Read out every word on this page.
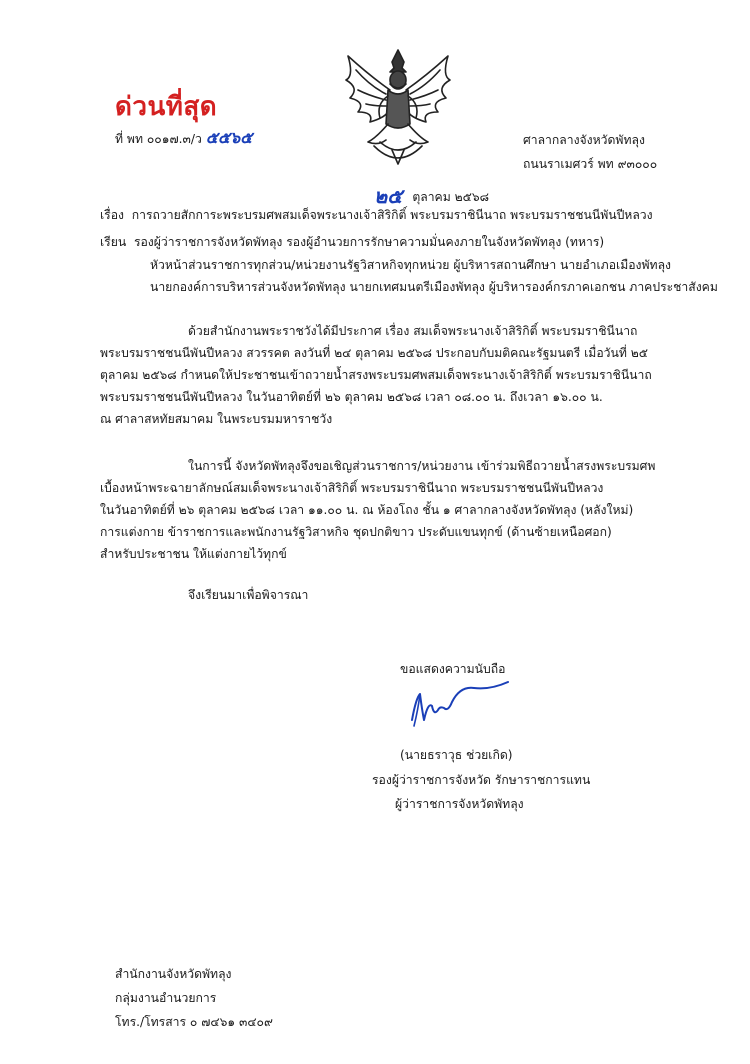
ด่วนที่สุด
ที่ พท ๐๐๑๗.๓/ว ๕๕๖๕	ศาลากลางจังหวัดพัทลุง
ถนนราเมศวร์ พท ๙๓๐๐๐
๒๕ ตุลาคม ๒๕๖๘
เรื่อง การถวายสักการะพระบรมศพสมเด็จพระนางเจ้าสิริกิติ์ พระบรมราชินีนาถ พระบรมราชชนนีพันปีหลวง
เรียน รองผู้ว่าราชการจังหวัดพัทลุง รองผู้อำนวยการรักษาความมั่นคงภายในจังหวัดพัทลุง (ทหาร)
หัวหน้าส่วนราชการทุกส่วน/หน่วยงานรัฐวิสาหกิจทุกหน่วย ผู้บริหารสถานศึกษา นายอำเภอเมืองพัทลุง
นายกองค์การบริหารส่วนจังหวัดพัทลุง นายกเทศมนตรีเมืองพัทลุง ผู้บริหารองค์กรภาคเอกชน ภาคประชาสังคม
ด้วยสำนักงานพระราชวังได้มีประกาศ เรื่อง สมเด็จพระนางเจ้าสิริกิติ์ พระบรมราชินีนาถ
พระบรมราชชนนีพันปีหลวง สวรรคต ลงวันที่ ๒๔ ตุลาคม ๒๕๖๘ ประกอบกับมติคณะรัฐมนตรี เมื่อวันที่ ๒๕
ตุลาคม ๒๕๖๘ กำหนดให้ประชาชนเข้าถวายน้ำสรงพระบรมศพสมเด็จพระนางเจ้าสิริกิติ์ พระบรมราชินีนาถ
พระบรมราชชนนีพันปีหลวง ในวันอาทิตย์ที่ ๒๖ ตุลาคม ๒๕๖๘ เวลา ๐๘.๐๐ น. ถึงเวลา ๑๖.๐๐ น.
ณ ศาลาสหทัยสมาคม ในพระบรมมหาราชวัง
ในการนี้ จังหวัดพัทลุงจึงขอเชิญส่วนราชการ/หน่วยงาน เข้าร่วมพิธีถวายน้ำสรงพระบรมศพ
เบื้องหน้าพระฉายาลักษณ์สมเด็จพระนางเจ้าสิริกิติ์ พระบรมราชินีนาถ พระบรมราชชนนีพันปีหลวง
ในวันอาทิตย์ที่ ๒๖ ตุลาคม ๒๕๖๘ เวลา ๑๑.๐๐ น. ณ ห้องโถง ชั้น ๑ ศาลากลางจังหวัดพัทลุง (หลังใหม่)
การแต่งกาย ข้าราชการและพนักงานรัฐวิสาหกิจ ชุดปกติขาว ประดับแขนทุกข์ (ด้านซ้ายเหนือศอก)
สำหรับประชาชน ให้แต่งกายไว้ทุกข์
จึงเรียนมาเพื่อพิจารณา
ขอแสดงความนับถือ
(นายธราวุธ ช่วยเกิด)
รองผู้ว่าราชการจังหวัด รักษาราชการแทน
ผู้ว่าราชการจังหวัดพัทลุง
สำนักงานจังหวัดพัทลุง
กลุ่มงานอำนวยการ
โทร./โทรสาร ๐ ๗๔๖๑ ๓๔๐๙
